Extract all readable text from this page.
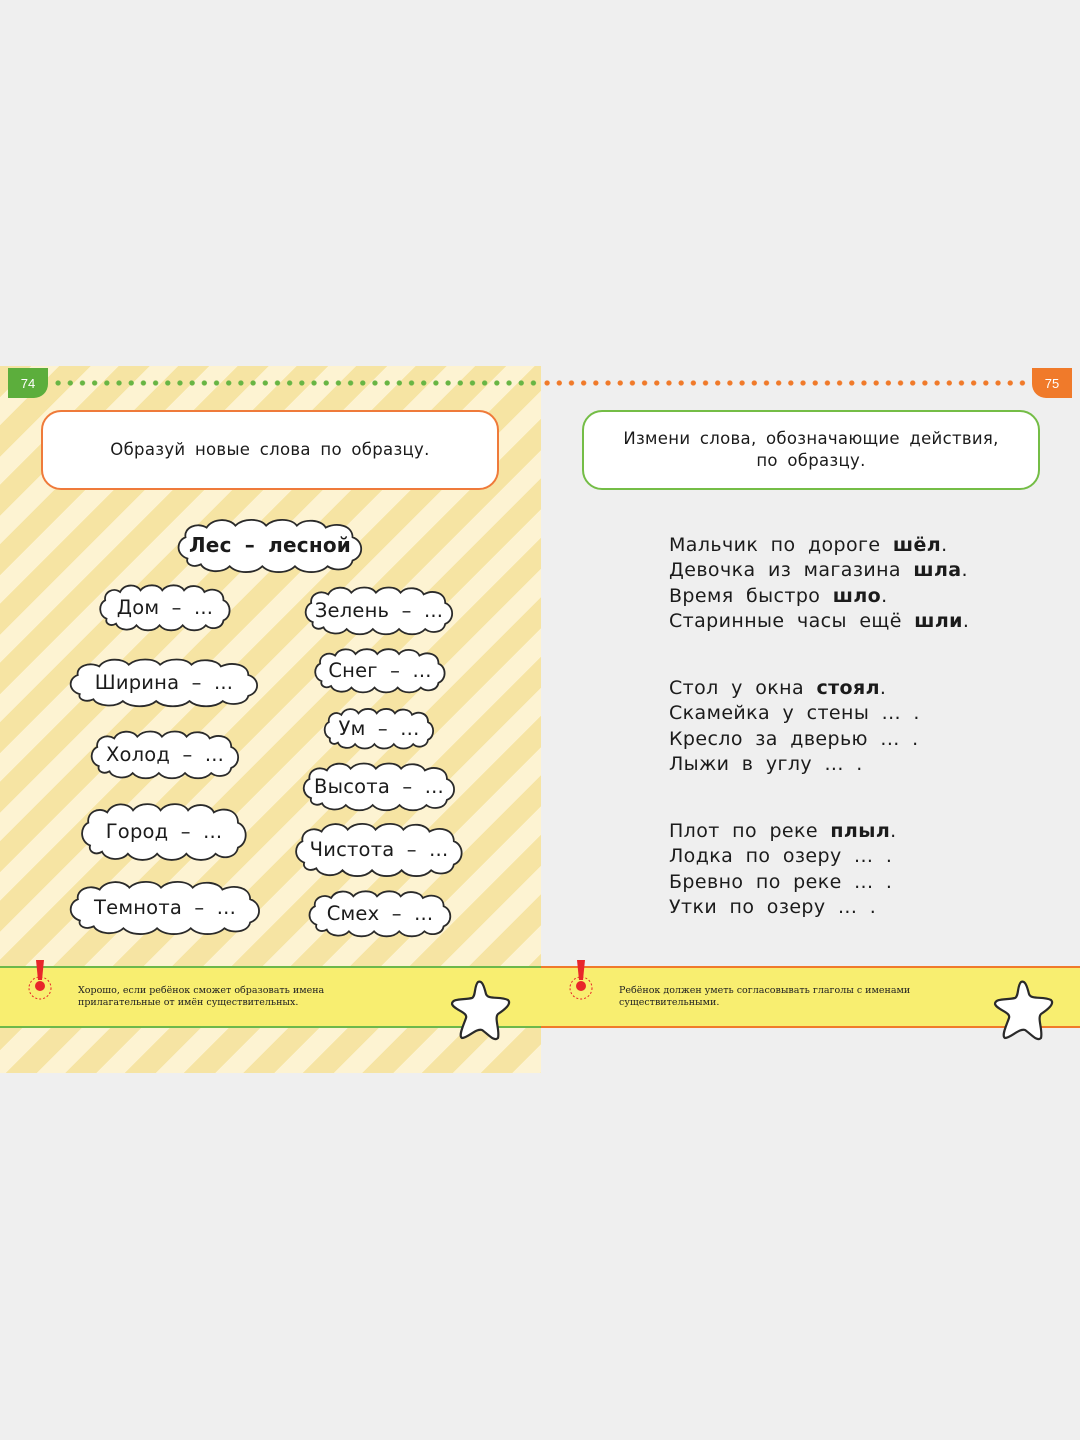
Лес – лесной
Дом – ...	Зелень – ...
Ширина – ...
Снег – ...
Ум – ...
Холод – ...
Высота – ...
Город – ...
Чистота – ...
Темнота – ...	Смех – ...
74	75
Образуй новые слова по образцу.
Измени слова, обозначающие действия,
по образцу.
Мальчик по дороге шёл.
Девочка из магазина шла.
Время быстро шло.
Старинные часы ещё шли.
Стол у окна стоял.
Скамейка у стены ... .
Кресло за дверью ... .
Лыжи в углу ... .
Плот по реке плыл.
Лодка по озеру ... .
Бревно по реке ... .
Утки по озеру ... .
Хорошо, если ребёнок сможет образовать имена
прилагательные от имён существительных.
Ребёнок должен уметь согласовывать глаголы с именами
существительными.
